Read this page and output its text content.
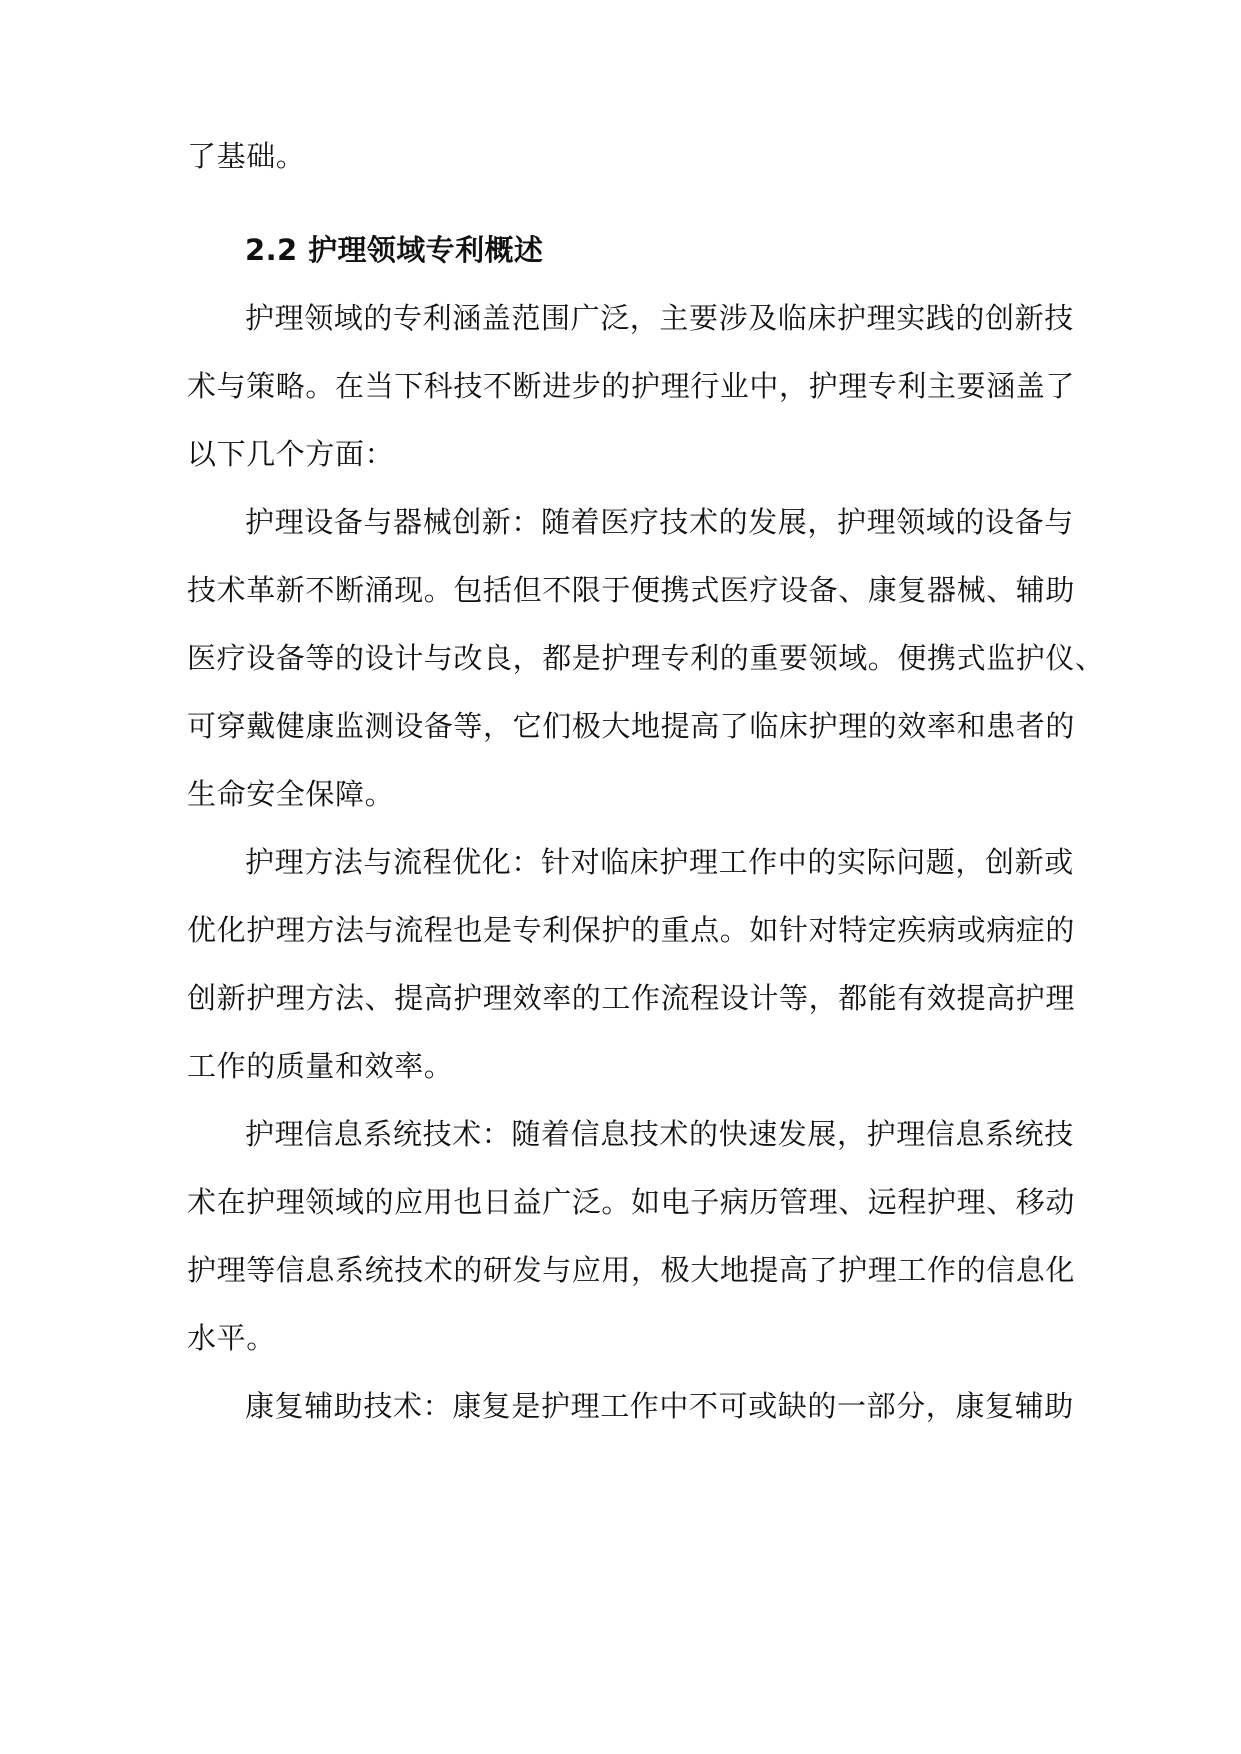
了基础。
2.2 护理领域专利概述
护理领域的专利涵盖范围广泛，主要涉及临床护理实践的创新技
术与策略。在当下科技不断进步的护理行业中，护理专利主要涵盖了
以下几个方面：
护理设备与器械创新：随着医疗技术的发展，护理领域的设备与
技术革新不断涌现。包括但不限于便携式医疗设备、康复器械、辅助
医疗设备等的设计与改良，都是护理专利的重要领域。便携式监护仪、
可穿戴健康监测设备等，它们极大地提高了临床护理的效率和患者的
生命安全保障。
护理方法与流程优化：针对临床护理工作中的实际问题，创新或
优化护理方法与流程也是专利保护的重点。如针对特定疾病或病症的
创新护理方法、提高护理效率的工作流程设计等，都能有效提高护理
工作的质量和效率。
护理信息系统技术：随着信息技术的快速发展，护理信息系统技
术在护理领域的应用也日益广泛。如电子病历管理、远程护理、移动
护理等信息系统技术的研发与应用，极大地提高了护理工作的信息化
水平。
康复辅助技术：康复是护理工作中不可或缺的一部分，康复辅助
